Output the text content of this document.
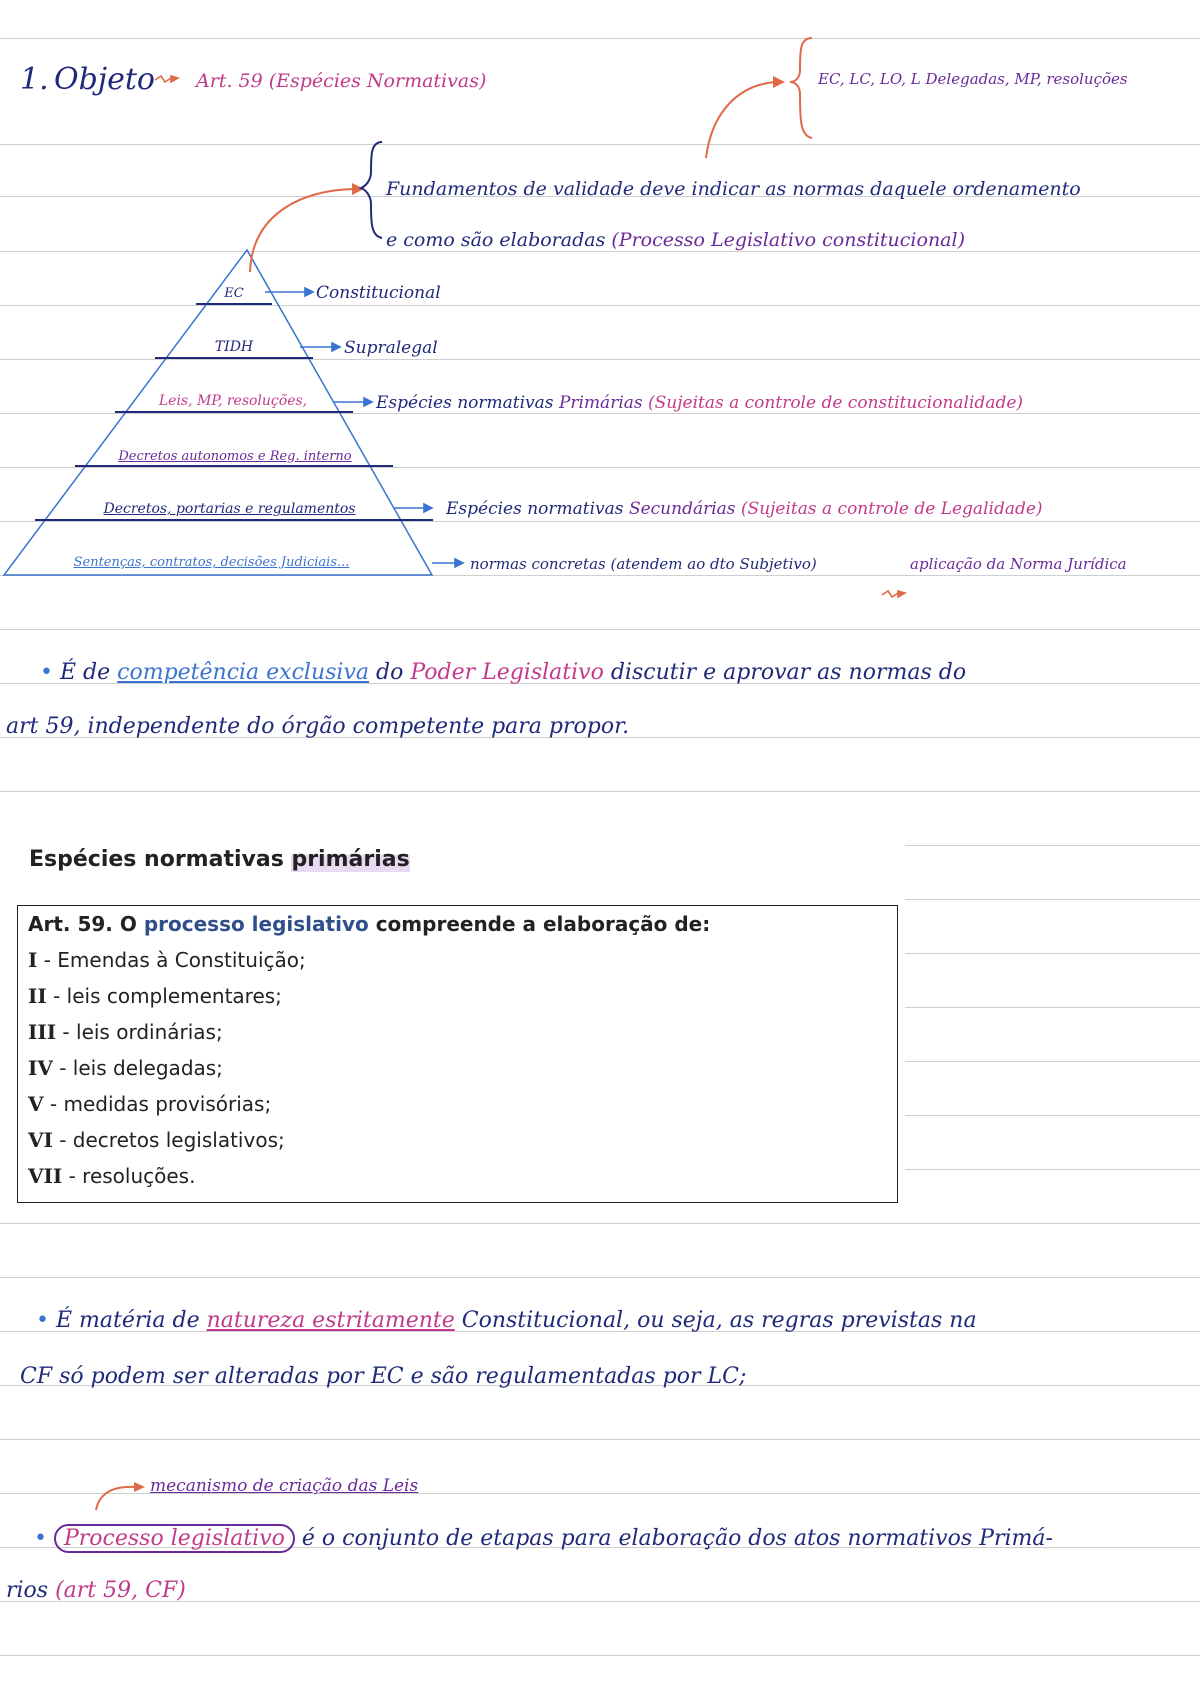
1. Objeto Art. 59 (Espécies Normativas)	EC, LC, LO, L Delegadas, MP, resoluções
Fundamentos de validade deve indicar as normas daquele ordenamento
e como são elaboradas (Processo Legislativo constitucional)
EC
TIDH
Leis, MP, resoluções,
Decretos autonomos e Reg. interno
Decretos, portarias e regulamentos
Sentenças, contratos, decisões Judiciais...
Constitucional
Supralegal
Espécies normativas Primárias (Sujeitas a controle de constitucionalidade)
Espécies normativas Secundárias (Sujeitas a controle de Legalidade)
normas concretas (atendem ao dto Subjetivo)	aplicação da Norma Jurídica
• É de competência exclusiva do Poder Legislativo discutir e aprovar as normas do
art 59, independente do órgão competente para propor.
Espécies normativas primárias
Art. 59. O processo legislativo compreende a elaboração de:
I - Emendas à Constituição;
II - leis complementares;
III - leis ordinárias;
IV - leis delegadas;
V - medidas provisórias;
VI - decretos legislativos;
VII - resoluções.
• É matéria de natureza estritamente Constitucional, ou seja, as regras previstas na
CF só podem ser alteradas por EC e são regulamentadas por LC;
mecanismo de criação das Leis
• Processo legislativo é o conjunto de etapas para elaboração dos atos normativos Primá-
rios (art 59, CF)
